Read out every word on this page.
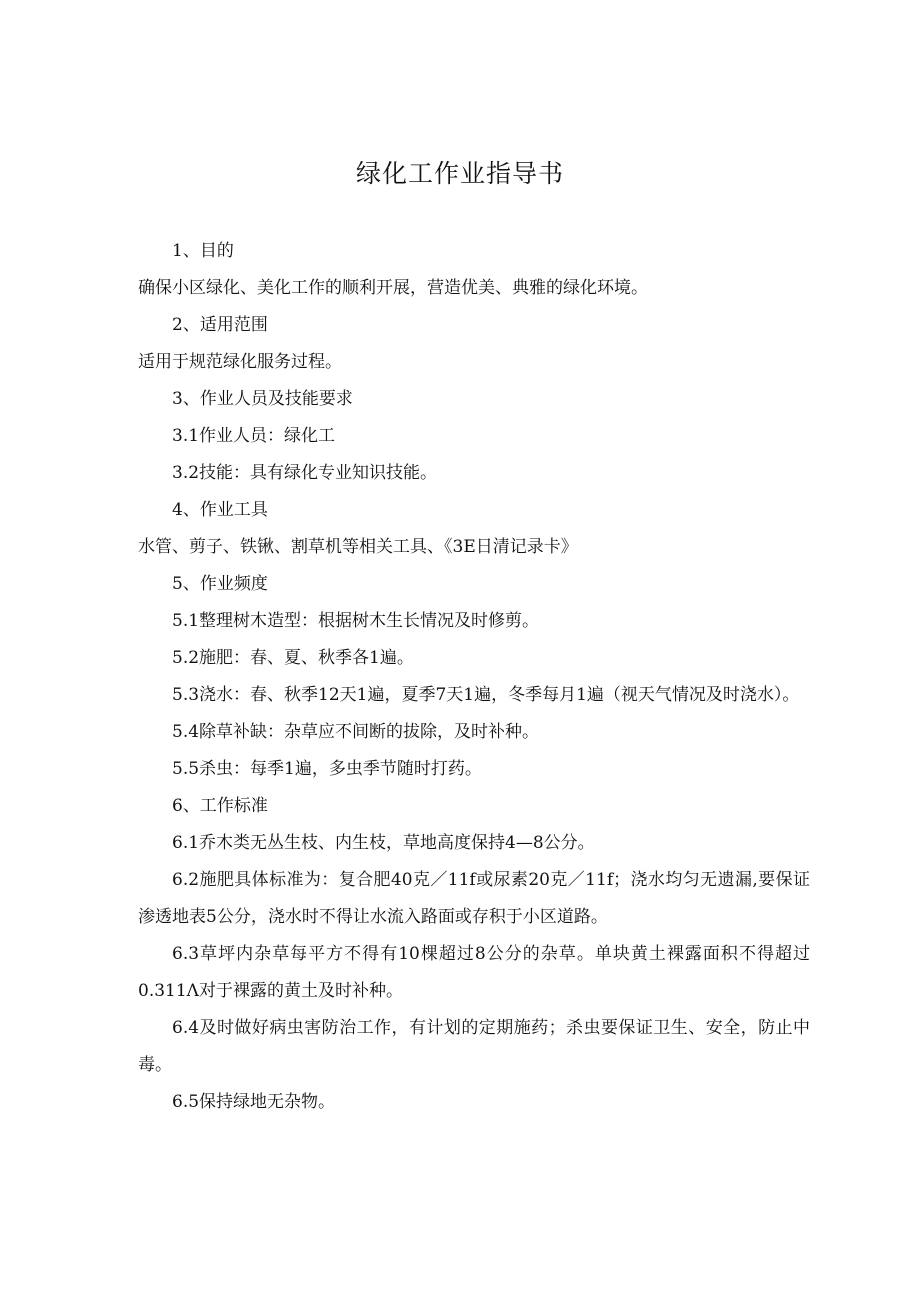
绿化工作业指导书

1、目的

确保小区绿化、美化工作的顺利开展，营造优美、典雅的绿化环境。

2、适用范围

适用于规范绿化服务过程。

3、作业人员及技能要求

3.1作业人员：绿化工

3.2技能：具有绿化专业知识技能。

4、作业工具

水管、剪子、铁锹、割草机等相关工具、《3E日清记录卡》

5、作业频度

5.1整理树木造型：根据树木生长情况及时修剪。

5.2施肥：春、夏、秋季各1遍。

5.3浇水：春、秋季12天1遍，夏季7天1遍，冬季每月1遍（视天气情况及时浇水）。

5.4除草补缺：杂草应不间断的拔除，及时补种。

5.5杀虫：每季1遍，多虫季节随时打药。

6、工作标准

6.1乔木类无丛生枝、内生枝，草地高度保持4—8公分。

6.2施肥具体标准为：复合肥40克／11f或尿素20克／11f；浇水均匀无遗漏,要保证渗透地表5公分，浇水时不得让水流入路面或存积于小区道路。

6.3草坪内杂草每平方不得有10棵超过8公分的杂草。单块黄土裸露面积不得超过0.311Λ对于裸露的黄土及时补种。

6.4及时做好病虫害防治工作，有计划的定期施药；杀虫要保证卫生、安全，防止中毒。

6.5保持绿地无杂物。
